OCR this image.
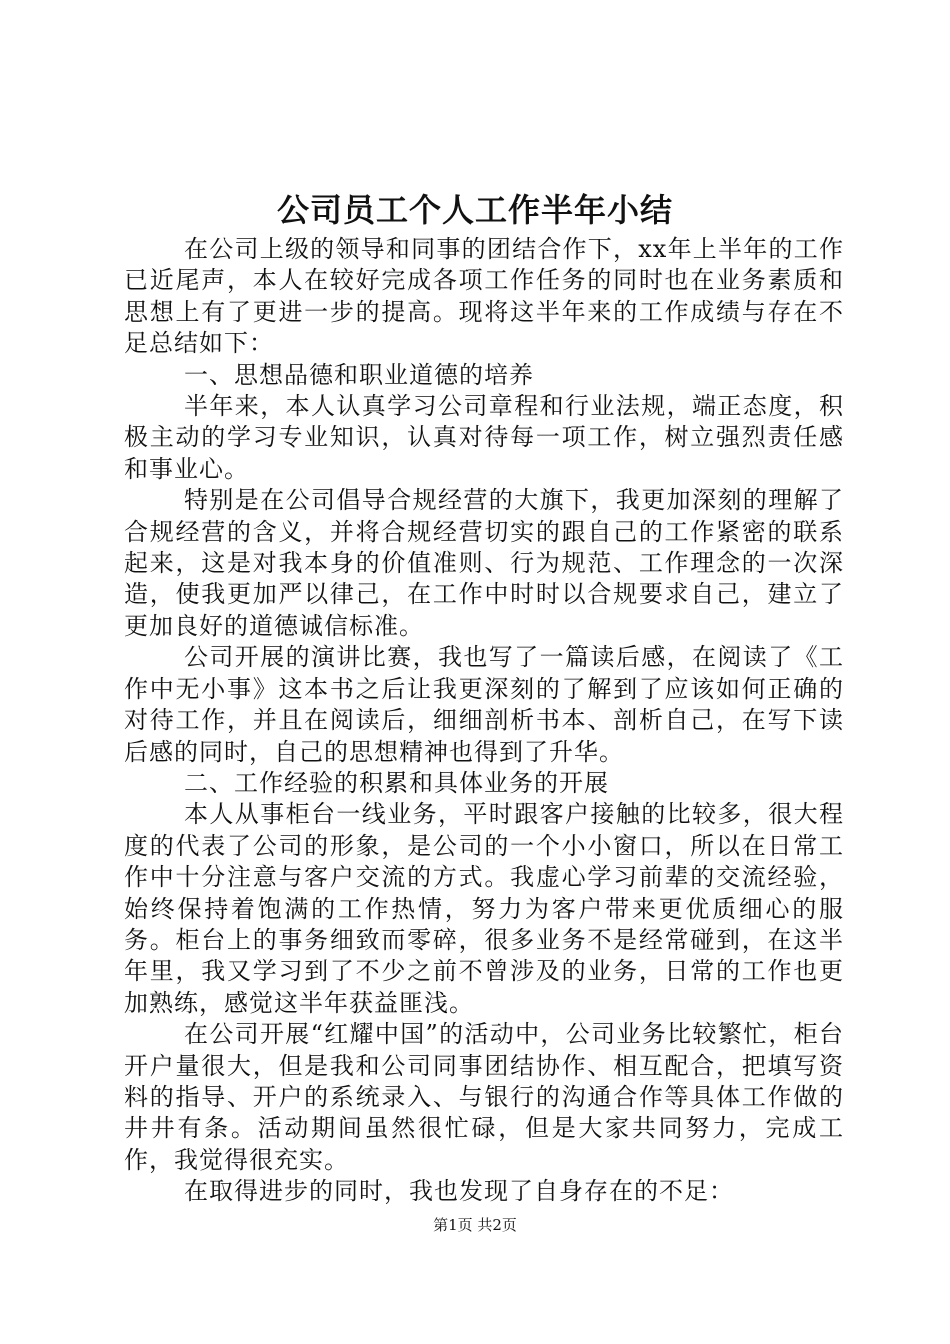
公司员工个人工作半年小结

在公司上级的领导和同事的团结合作下，xx年上半年的工作已近尾声，本人在较好完成各项工作任务的同时也在业务素质和思想上有了更进一步的提高。现将这半年来的工作成绩与存在不足总结如下：

一、思想品德和职业道德的培养

半年来，本人认真学习公司章程和行业法规，端正态度，积极主动的学习专业知识，认真对待每一项工作，树立强烈责任感和事业心。

特别是在公司倡导合规经营的大旗下，我更加深刻的理解了合规经营的含义，并将合规经营切实的跟自己的工作紧密的联系起来，这是对我本身的价值准则、行为规范、工作理念的一次深造，使我更加严以律己，在工作中时时以合规要求自己，建立了更加良好的道德诚信标准。

公司开展的演讲比赛，我也写了一篇读后感，在阅读了《工作中无小事》这本书之后让我更深刻的了解到了应该如何正确的对待工作，并且在阅读后，细细剖析书本、剖析自己，在写下读后感的同时，自己的思想精神也得到了升华。

二、工作经验的积累和具体业务的开展

本人从事柜台一线业务，平时跟客户接触的比较多，很大程度的代表了公司的形象，是公司的一个小小窗口，所以在日常工作中十分注意与客户交流的方式。我虚心学习前辈的交流经验，始终保持着饱满的工作热情，努力为客户带来更优质细心的服务。柜台上的事务细致而零碎，很多业务不是经常碰到，在这半年里，我又学习到了不少之前不曾涉及的业务，日常的工作也更加熟练，感觉这半年获益匪浅。

在公司开展“红耀中国”的活动中，公司业务比较繁忙，柜台开户量很大，但是我和公司同事团结协作、相互配合，把填写资料的指导、开户的系统录入、与银行的沟通合作等具体工作做的井井有条。活动期间虽然很忙碌，但是大家共同努力，完成工作，我觉得很充实。

在取得进步的同时，我也发现了自身存在的不足：

第1页 共2页
